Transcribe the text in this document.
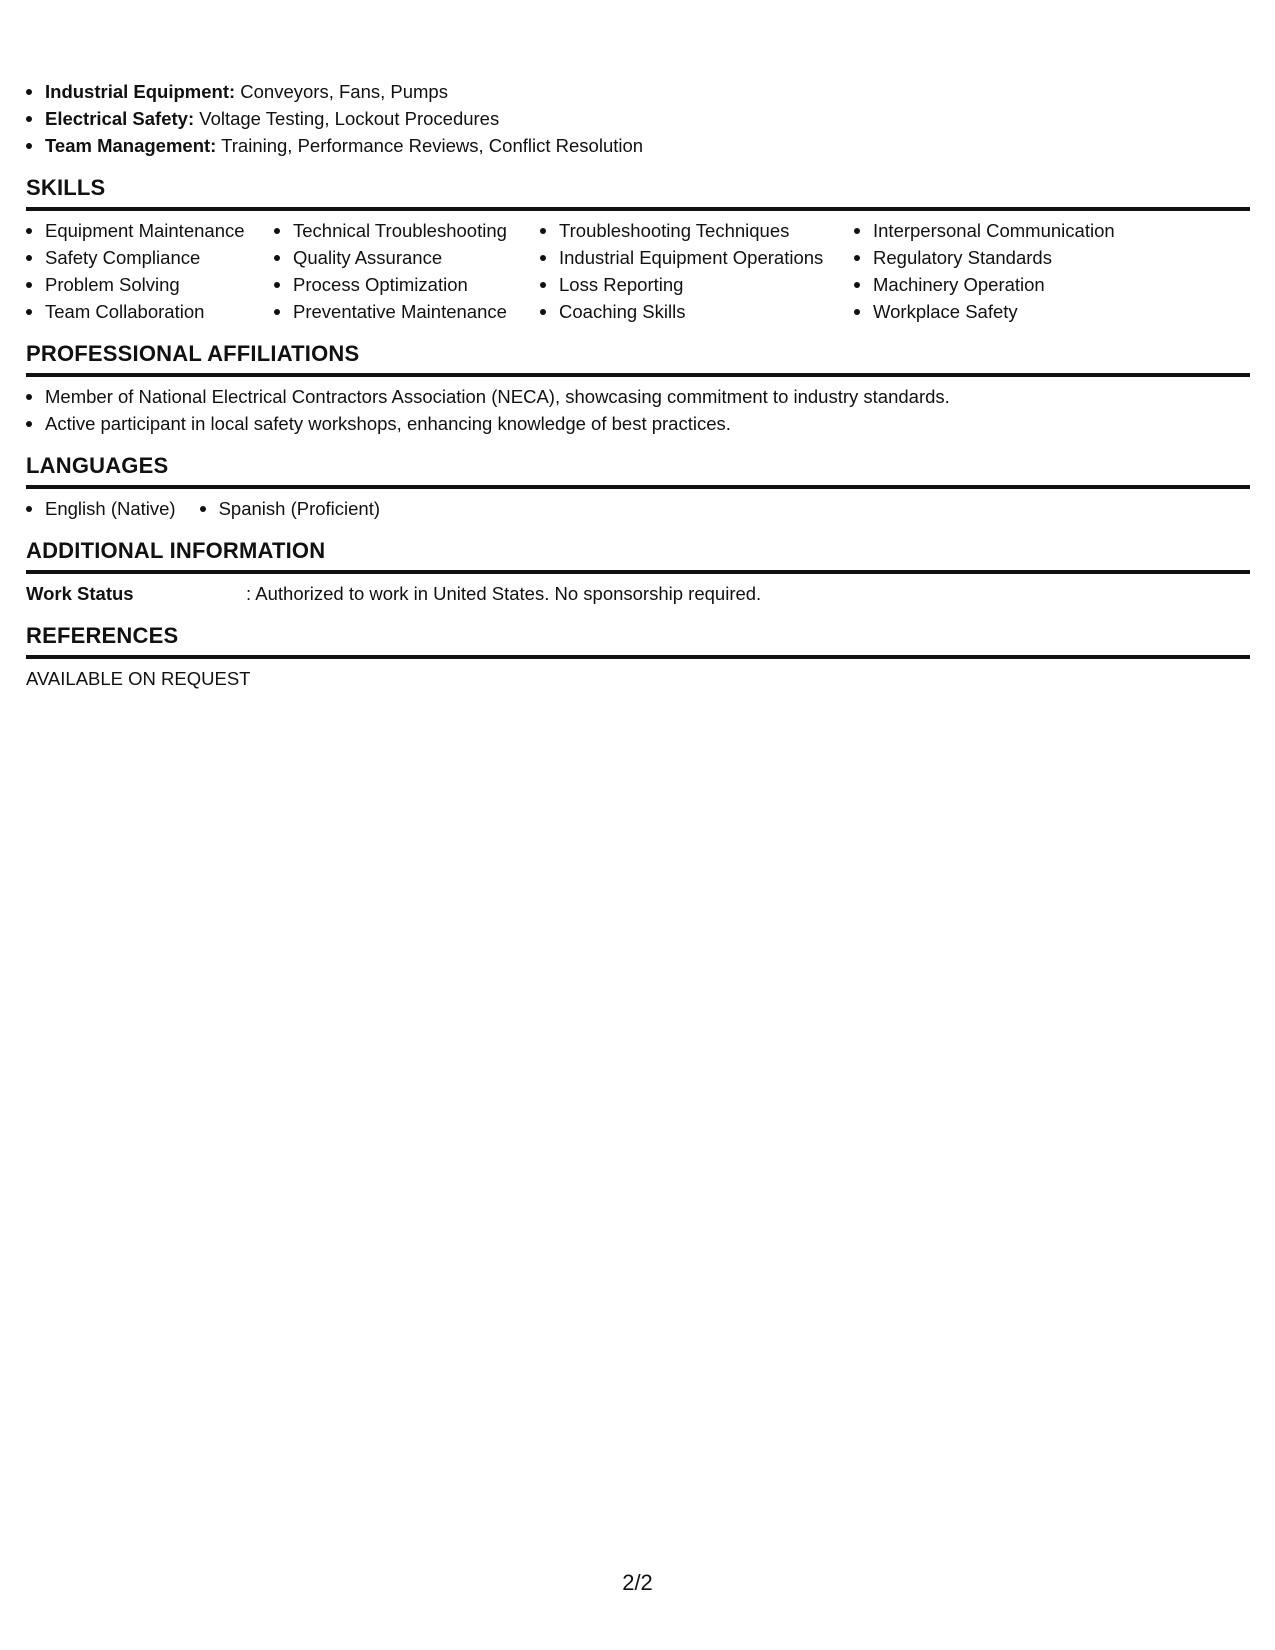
Industrial Equipment: Conveyors, Fans, Pumps
Electrical Safety: Voltage Testing, Lockout Procedures
Team Management: Training, Performance Reviews, Conflict Resolution
SKILLS
Equipment Maintenance
Safety Compliance
Problem Solving
Team Collaboration
Technical Troubleshooting
Quality Assurance
Process Optimization
Preventative Maintenance
Troubleshooting Techniques
Industrial Equipment Operations
Loss Reporting
Coaching Skills
Interpersonal Communication
Regulatory Standards
Machinery Operation
Workplace Safety
PROFESSIONAL AFFILIATIONS
Member of National Electrical Contractors Association (NECA), showcasing commitment to industry standards.
Active participant in local safety workshops, enhancing knowledge of best practices.
LANGUAGES
English (Native)	Spanish (Proficient)
ADDITIONAL INFORMATION
Work Status	: Authorized to work in United States. No sponsorship required.
REFERENCES
AVAILABLE ON REQUEST
2/2
